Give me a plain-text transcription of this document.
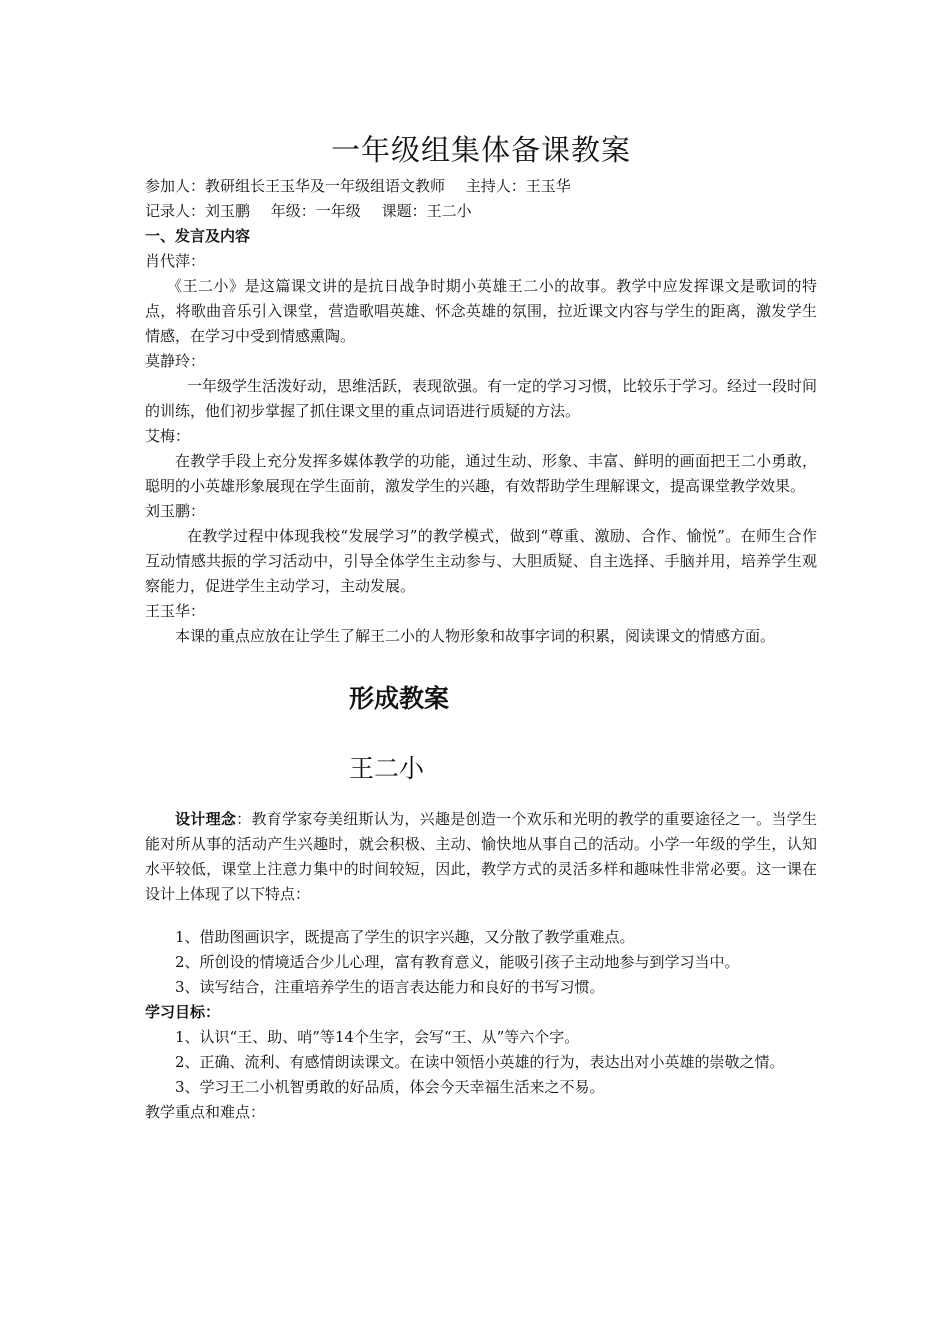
一年级组集体备课教案

参加人：教研组长王玉华及一年级组语文教师 主持人：王玉华

记录人：刘玉鹏 年级：一年级 课题：王二小

一、发言及内容

肖代萍：

《王二小》是这篇课文讲的是抗日战争时期小英雄王二小的故事。教学中应发挥课文是歌词的特点，将歌曲音乐引入课堂，营造歌唱英雄、怀念英雄的氛围，拉近课文内容与学生的距离，激发学生情感，在学习中受到情感熏陶。

莫静玲：

一年级学生活泼好动，思维活跃，表现欲强。有一定的学习习惯，比较乐于学习。经过一段时间的训练，他们初步掌握了抓住课文里的重点词语进行质疑的方法。

艾梅：

在教学手段上充分发挥多媒体教学的功能，通过生动、形象、丰富、鲜明的画面把王二小勇敢，聪明的小英雄形象展现在学生面前，激发学生的兴趣，有效帮助学生理解课文，提高课堂教学效果。

刘玉鹏：

在教学过程中体现我校“发展学习”的教学模式，做到“尊重、激励、合作、愉悦”。在师生合作互动情感共振的学习活动中，引导全体学生主动参与、大胆质疑、自主选择、手脑并用，培养学生观察能力，促进学生主动学习，主动发展。

王玉华：

本课的重点应放在让学生了解王二小的人物形象和故事字词的积累，阅读课文的情感方面。

形成教案

王二小

设计理念：教育学家夸美纽斯认为，兴趣是创造一个欢乐和光明的教学的重要途径之一。当学生能对所从事的活动产生兴趣时，就会积极、主动、愉快地从事自己的活动。小学一年级的学生，认知水平较低，课堂上注意力集中的时间较短，因此，教学方式的灵活多样和趣味性非常必要。这一课在设计上体现了以下特点：

1、借助图画识字，既提高了学生的识字兴趣，又分散了教学重难点。

2、所创设的情境适合少儿心理，富有教育意义，能吸引孩子主动地参与到学习当中。

3、读写结合，注重培养学生的语言表达能力和良好的书写习惯。

学习目标：

1、认识“王、助、哨”等14个生字，会写“王、从”等六个字。

2、正确、流利、有感情朗读课文。在读中领悟小英雄的行为，表达出对小英雄的崇敬之情。

3、学习王二小机智勇敢的好品质，体会今天幸福生活来之不易。

教学重点和难点：
